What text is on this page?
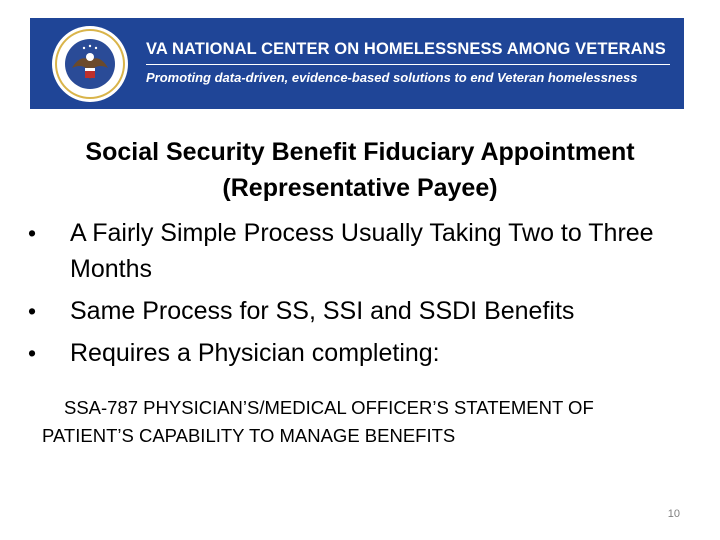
VA NATIONAL CENTER ON HOMELESSNESS AMONG VETERANS
Promoting data-driven, evidence-based solutions to end Veteran homelessness
Social Security Benefit Fiduciary Appointment
(Representative Payee)
• A Fairly Simple Process Usually Taking Two to Three Months
• Same Process for SS, SSI and SSDI Benefits
• Requires a Physician completing:
SSA-787 PHYSICIAN’S/MEDICAL OFFICER’S STATEMENT OF PATIENT’S CAPABILITY TO MANAGE BENEFITS
10
